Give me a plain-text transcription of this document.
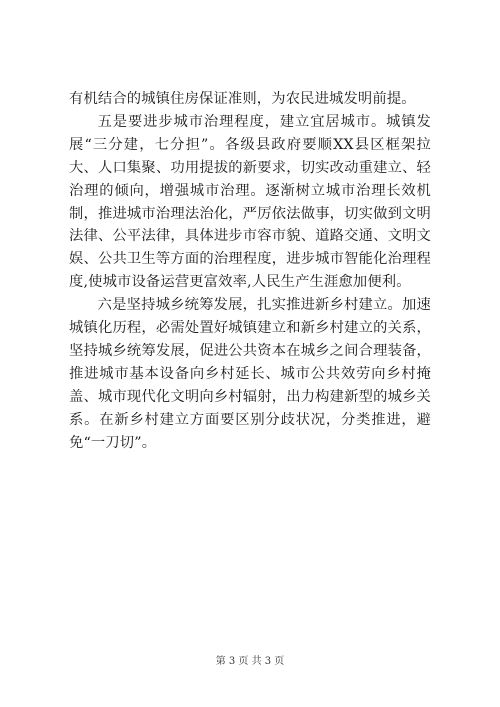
有机结合的城镇住房保证准则，为农民进城发明前提。

五是要进步城市治理程度，建立宜居城市。城镇发展“三分建，七分担”。各级县政府要顺XX县区框架拉大、人口集聚、功用提拔的新要求，切实改动重建立、轻治理的倾向，增强城市治理。逐渐树立城市治理长效机制，推进城市治理法治化，严厉依法做事，切实做到文明法律、公平法律，具体进步市容市貌、道路交通、文明文娱、公共卫生等方面的治理程度，进步城市智能化治理程度,使城市设备运营更富效率,人民生产生涯愈加便利。

六是坚持城乡统筹发展，扎实推进新乡村建立。加速城镇化历程，必需处置好城镇建立和新乡村建立的关系，坚持城乡统筹发展，促进公共资本在城乡之间合理装备，推进城市基本设备向乡村延长、城市公共效劳向乡村掩盖、城市现代化文明向乡村辐射，出力构建新型的城乡关系。在新乡村建立方面要区别分歧状况，分类推进，避免“一刀切”。

第 3 页 共 3 页
